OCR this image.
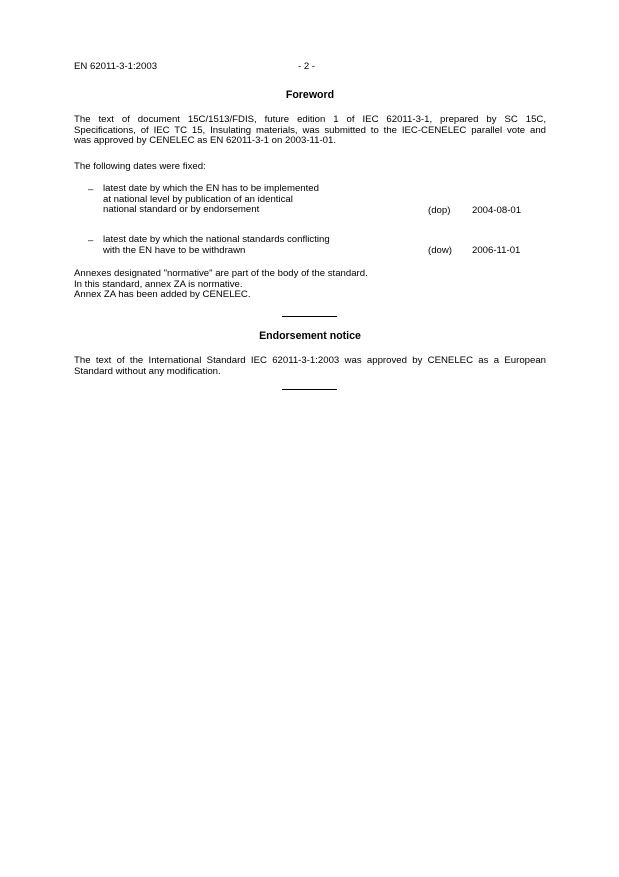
EN 62011-3-1:2003	- 2 -
Foreword
The text of document 15C/1513/FDIS, future edition 1 of IEC 62011-3-1, prepared by SC 15C,
Specifications, of IEC TC 15, Insulating materials, was submitted to the IEC-CENELEC parallel vote and
was approved by CENELEC as EN 62011-3-1 on 2003-11-01.
The following dates were fixed:
– latest date by which the EN has to be implemented
at national level by publication of an identical
national standard or by endorsement	(dop) 2004-08-01
– latest date by which the national standards conflicting
with the EN have to be withdrawn	(dow) 2006-11-01
Annexes designated "normative" are part of the body of the standard.
In this standard, annex ZA is normative.
Annex ZA has been added by CENELEC.
Endorsement notice
The text of the International Standard IEC 62011-3-1:2003 was approved by CENELEC as a European
Standard without any modification.
